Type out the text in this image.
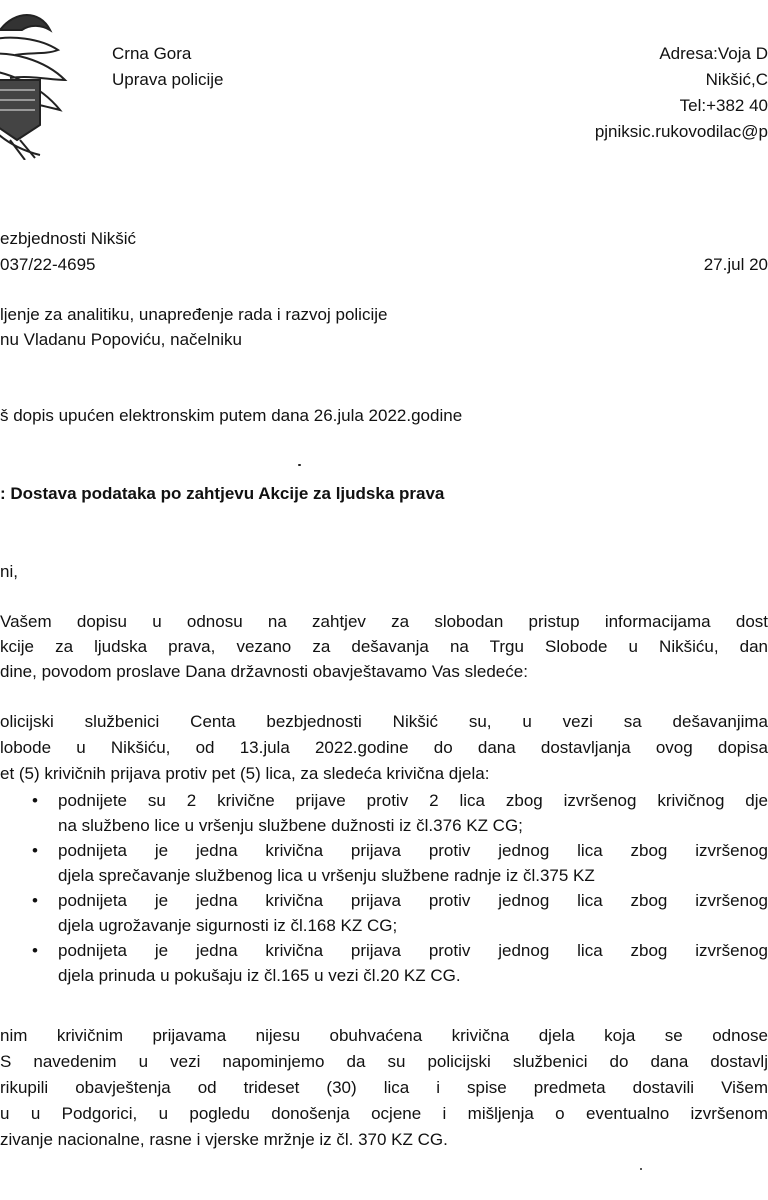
Crna Gora
Uprava policije
Adresa:Voja D
Nikšić,C
Tel:+382 40
pjniksic.rukovodilac@p
ezbjednosti Nikšić
037/22-4695	27.jul 20
ljenje za analitiku, unapređenje rada i razvoj policije
nu Vladanu Popoviću, načelniku
š dopis upućen elektronskim putem dana 26.jula 2022.godine
: Dostava podataka po zahtjevu Akcije za ljudska prava
ni,
Vašem dopisu u odnosu na zahtjev za slobodan pristup informacijama dost
kcije za ljudska prava, vezano za dešavanja na Trgu Slobode u Nikšiću, dan
dine, povodom proslave Dana državnosti obavještavamo Vas sledeće:
olicijski službenici Centa bezbjednosti Nikšić su, u vezi sa dešavanjima
lobode u Nikšiću, od 13.jula 2022.godine do dana dostavljanja ovog dopisa
et (5) krivičnih prijava protiv pet (5) lica, za sledeća krivična djela:
• podnijete su 2 krivične prijave protiv 2 lica zbog izvršenog krivičnog dje
na službeno lice u vršenju službene dužnosti iz čl.376 KZ CG;
• podnijeta je jedna krivična prijava protiv jednog lica zbog izvršenog
djela sprečavanje službenog lica u vršenju službene radnje iz čl.375 KZ
• podnijeta je jedna krivična prijava protiv jednog lica zbog izvršenog
djela ugrožavanje sigurnosti iz čl.168 KZ CG;
• podnijeta je jedna krivična prijava protiv jednog lica zbog izvršenog
djela prinuda u pokušaju iz čl.165 u vezi čl.20 KZ CG.
nim krivičnim prijavama nijesu obuhvaćena krivična djela koja se odnose
S navedenim u vezi napominjemo da su policijski službenici do dana dostavlj
rikupili obavještenja od trideset (30) lica i spise predmeta dostavili Višem
u u Podgorici, u pogledu donošenja ocjene i mišljenja o eventualno izvršenom
zivanje nacionalne, rasne i vjerske mržnje iz čl. 370 KZ CG.
